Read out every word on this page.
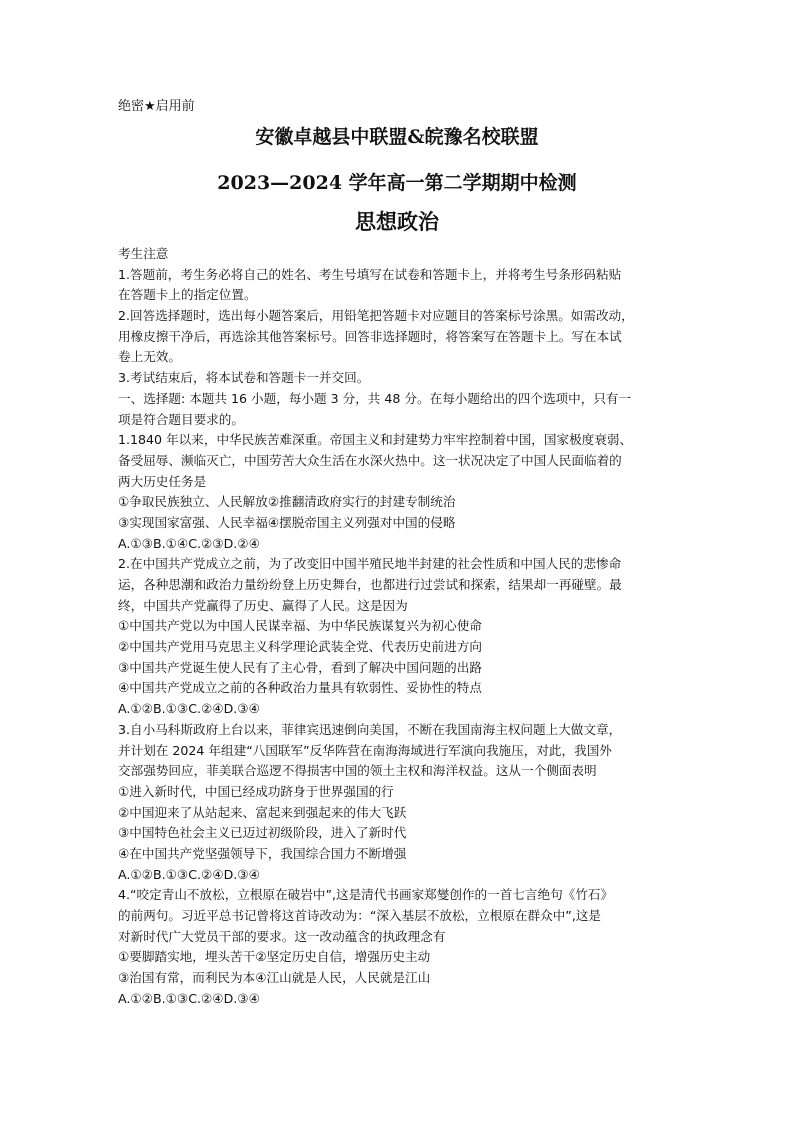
绝密★启用前
安徽卓越县中联盟&皖豫名校联盟
2023—2024 学年高一第二学期期中检测
思想政治
考生注意
1.答题前，考生务必将自己的姓名、考生号填写在试卷和答题卡上，并将考生号条形码粘贴
在答题卡上的指定位置。
2.回答选择题时，选出每小题答案后，用铅笔把答题卡对应题目的答案标号涂黑。如需改动，
用橡皮擦干净后，再选涂其他答案标号。回答非选择题时，将答案写在答题卡上。写在本试
卷上无效。
3.考试结束后，将本试卷和答题卡一并交回。
一、选择题: 本题共 16 小题，每小题 3 分，共 48 分。在每小题给出的四个选项中，只有一
项是符合题目要求的。
1.1840 年以来，中华民族苦难深重。帝国主义和封建势力牢牢控制着中国，国家极度衰弱、
备受屈辱、濒临灭亡，中国劳苦大众生活在水深火热中。这一状况决定了中国人民面临着的
两大历史任务是
①争取民族独立、人民解放②推翻清政府实行的封建专制统治
③实现国家富强、人民幸福④摆脱帝国主义列强对中国的侵略
A.①③B.①④C.②③D.②④
2.在中国共产党成立之前，为了改变旧中国半殖民地半封建的社会性质和中国人民的悲惨命
运，各种思潮和政治力量纷纷登上历史舞台，也都进行过尝试和探索，结果却一再碰壁。最
终，中国共产党赢得了历史、赢得了人民。这是因为
①中国共产党以为中国人民谋幸福、为中华民族谋复兴为初心使命
②中国共产党用马克思主义科学理论武装全党、代表历史前进方向
③中国共产党诞生使人民有了主心骨，看到了解决中国问题的出路
④中国共产党成立之前的各种政治力量具有软弱性、妥协性的特点
A.①②B.①③C.②④D.③④
3.自小马科斯政府上台以来，菲律宾迅速倒向美国，不断在我国南海主权问题上大做文章，
并计划在 2024 年组建“八国联军”反华阵营在南海海域进行军演向我施压，对此，我国外
交部强势回应，菲美联合巡逻不得损害中国的领土主权和海洋权益。这从一个侧面表明
①进入新时代，中国已经成功跻身于世界强国的行
②中国迎来了从站起来、富起来到强起来的伟大飞跃
③中国特色社会主义已迈过初级阶段，进入了新时代
④在中国共产党坚强领导下，我国综合国力不断增强
A.①②B.①③C.②④D.③④
4.“咬定青山不放松，立根原在破岩中”,这是清代书画家郑燮创作的一首七言绝句《竹石》
的前两句。习近平总书记曾将这首诗改动为：“深入基层不放松，立根原在群众中”,这是
对新时代广大党员干部的要求。这一改动蕴含的执政理念有
①要脚踏实地，埋头苦干②坚定历史自信，增强历史主动
③治国有常，而利民为本④江山就是人民，人民就是江山
A.①②B.①③C.②④D.③④
